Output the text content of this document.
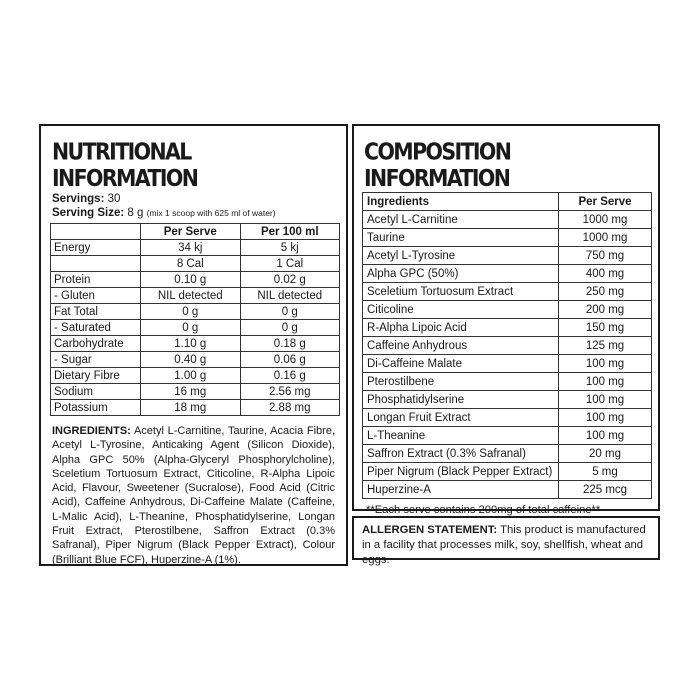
NUTRITIONAL INFORMATION
Servings: 30
Serving Size: 8 g (mix 1 scoop with 625 ml of water)
	Per Serve	Per 100 ml
Energy	34 kj	5 kj
	8 Cal	1 Cal
Protein	0.10 g	0.02 g
- Gluten	NIL detected	NIL detected
Fat Total	0 g	0 g
- Saturated	0 g	0 g
Carbohydrate	1.10 g	0.18 g
- Sugar	0.40 g	0.06 g
Dietary Fibre	1.00 g	0.16 g
Sodium	16 mg	2.56 mg
Potassium	18 mg	2.88 mg

INGREDIENTS: Acetyl L-Carnitine, Taurine, Acacia Fibre, Acetyl L-Tyrosine, Anticaking Agent (Silicon Dioxide), Alpha GPC 50% (Alpha-Glyceryl Phosphorylcholine), Sceletium Tortuosum Extract, Citicoline, R-Alpha Lipoic Acid, Flavour, Sweetener (Sucralose), Food Acid (Citric Acid), Caffeine Anhydrous, Di-Caffeine Malate (Caffeine, L-Malic Acid), L-Theanine, Phosphatidylserine, Longan Fruit Extract, Pterostilbene, Saffron Extract (0.3% Safranal), Piper Nigrum (Black Pepper Extract), Colour (Brilliant Blue FCF), Huperzine-A (1%).

COMPOSITION INFORMATION
Ingredients	Per Serve
Acetyl L-Carnitine	1000 mg
Taurine	1000 mg
Acetyl L-Tyrosine	750 mg
Alpha GPC (50%)	400 mg
Sceletium Tortuosum Extract	250 mg
Citicoline	200 mg
R-Alpha Lipoic Acid	150 mg
Caffeine Anhydrous	125 mg
Di-Caffeine Malate	100 mg
Pterostilbene	100 mg
Phosphatidylserine	100 mg
Longan Fruit Extract	100 mg
L-Theanine	100 mg
Saffron Extract (0.3% Safranal)	20 mg
Piper Nigrum (Black Pepper Extract)	5 mg
Huperzine-A	225 mcg
**Each serve contains 200mg of total caffeine**

ALLERGEN STATEMENT: This product is manufactured in a facility that processes milk, soy, shellfish, wheat and eggs.
